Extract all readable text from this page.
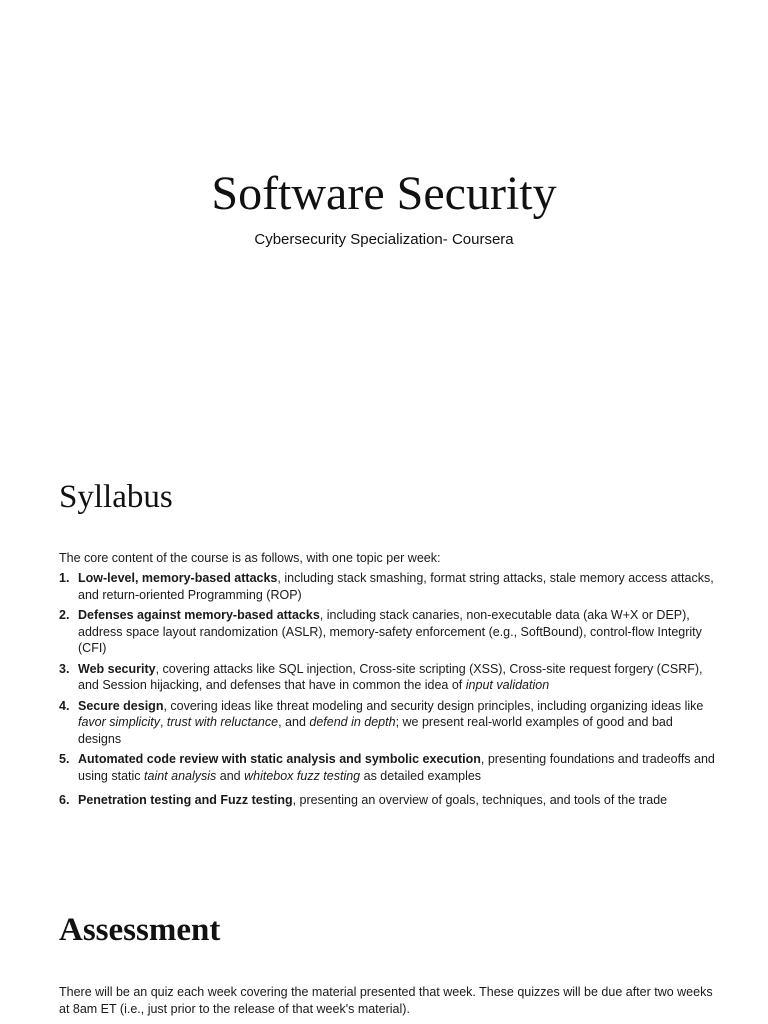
Software Security

Cybersecurity Specialization- Coursera

Syllabus

The core content of the course is as follows, with one topic per week:

1. Low-level, memory-based attacks, including stack smashing, format string attacks, stale memory access attacks, and return-oriented Programming (ROP)
2. Defenses against memory-based attacks, including stack canaries, non-executable data (aka W+X or DEP), address space layout randomization (ASLR), memory-safety enforcement (e.g., SoftBound), control-flow Integrity (CFI)
3. Web security, covering attacks like SQL injection, Cross-site scripting (XSS), Cross-site request forgery (CSRF), and Session hijacking, and defenses that have in common the idea of input validation
4. Secure design, covering ideas like threat modeling and security design principles, including organizing ideas like favor simplicity, trust with reluctance, and defend in depth; we present real-world examples of good and bad designs
5. Automated code review with static analysis and symbolic execution, presenting foundations and tradeoffs and using static taint analysis and whitebox fuzz testing as detailed examples
6. Penetration testing and Fuzz testing, presenting an overview of goals, techniques, and tools of the trade
Assessment

There will be an quiz each week covering the material presented that week. These quizzes will be due after two weeks at 8am ET (i.e., just prior to the release of that week's material).
